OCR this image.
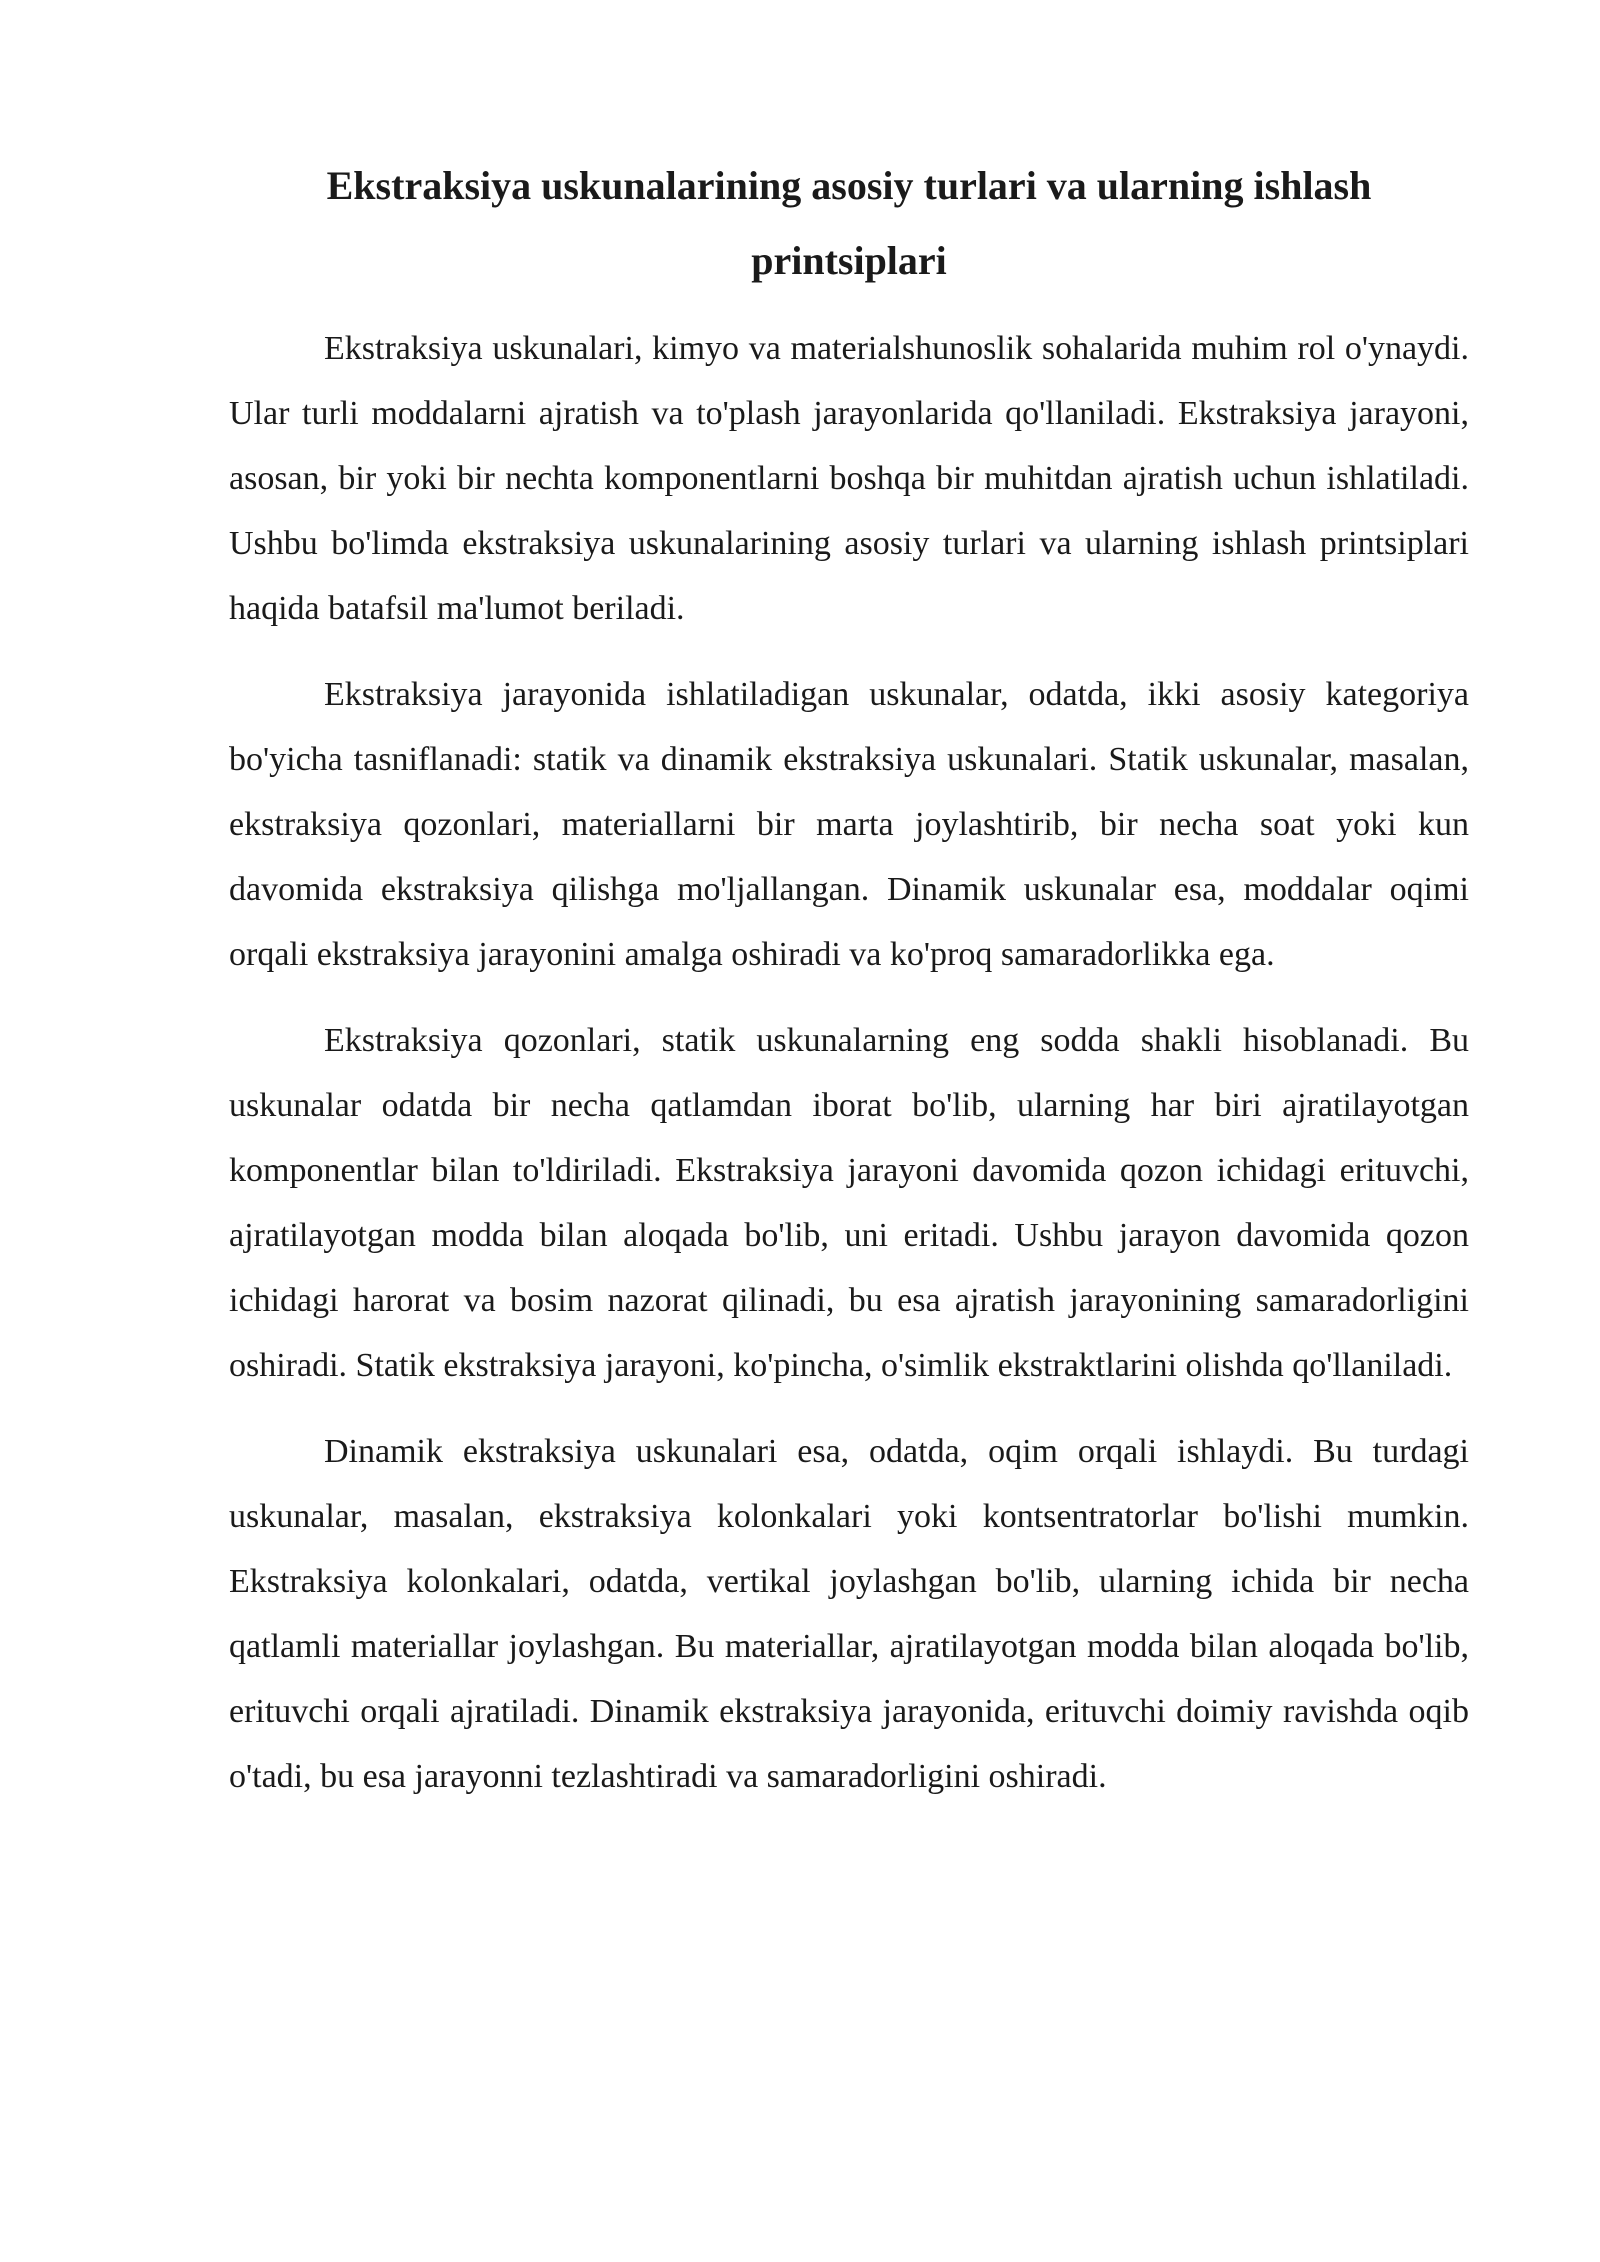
Ekstraksiya uskunalarining asosiy turlari va ularning ishlash printsiplari

Ekstraksiya uskunalari, kimyo va materialshunoslik sohalarida muhim rol o'ynaydi. Ular turli moddalarni ajratish va to'plash jarayonlarida qo'llaniladi. Ekstraksiya jarayoni, asosan, bir yoki bir nechta komponentlarni boshqa bir muhitdan ajratish uchun ishlatiladi. Ushbu bo'limda ekstraksiya uskunalarining asosiy turlari va ularning ishlash printsiplari haqida batafsil ma'lumot beriladi.

Ekstraksiya jarayonida ishlatiladigan uskunalar, odatda, ikki asosiy kategoriya bo'yicha tasniflanadi: statik va dinamik ekstraksiya uskunalari. Statik uskunalar, masalan, ekstraksiya qozonlari, materiallarni bir marta joylashtirib, bir necha soat yoki kun davomida ekstraksiya qilishga mo'ljallangan. Dinamik uskunalar esa, moddalar oqimi orqali ekstraksiya jarayonini amalga oshiradi va ko'proq samaradorlikka ega.

Ekstraksiya qozonlari, statik uskunalarning eng sodda shakli hisoblanadi. Bu uskunalar odatda bir necha qatlamdan iborat bo'lib, ularning har biri ajratilayotgan komponentlar bilan to'ldiriladi. Ekstraksiya jarayoni davomida qozon ichidagi erituvchi, ajratilayotgan modda bilan aloqada bo'lib, uni eritadi. Ushbu jarayon davomida qozon ichidagi harorat va bosim nazorat qilinadi, bu esa ajratish jarayonining samaradorligini oshiradi. Statik ekstraksiya jarayoni, ko'pincha, o'simlik ekstraktlarini olishda qo'llaniladi.

Dinamik ekstraksiya uskunalari esa, odatda, oqim orqali ishlaydi. Bu turdagi uskunalar, masalan, ekstraksiya kolonkalari yoki kontsentratorlar bo'lishi mumkin. Ekstraksiya kolonkalari, odatda, vertikal joylashgan bo'lib, ularning ichida bir necha qatlamli materiallar joylashgan. Bu materiallar, ajratilayotgan modda bilan aloqada bo'lib, erituvchi orqali ajratiladi. Dinamik ekstraksiya jarayonida, erituvchi doimiy ravishda oqib o'tadi, bu esa jarayonni tezlashtiradi va samaradorligini oshiradi.
